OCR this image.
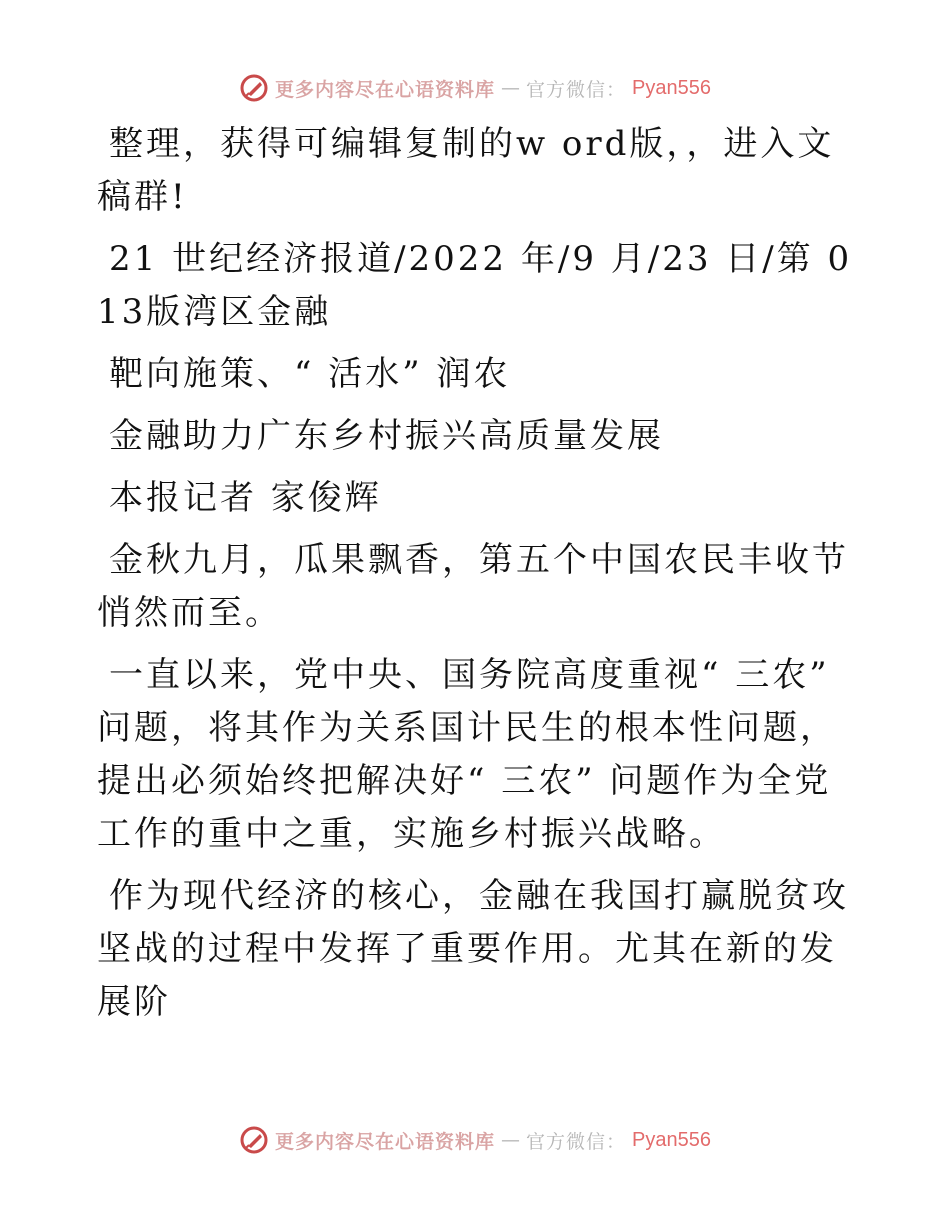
更多内容尽在心语资料库 — 官方微信： Pyan556

整理，获得可编辑复制的w ord版，，进入文稿群!

21 世纪经济报道/2022 年/9 月/23 日/第 013版湾区金融

靶向施策、“ 活水” 润农

金融助力广东乡村振兴高质量发展

本报记者 家俊辉

金秋九月，瓜果飘香，第五个中国农民丰收节悄然而至。

一直以来，党中央、国务院高度重视“ 三农” 问题，将其作为关系国计民生的根本性问题，提出必须始终把解决好“ 三农” 问题作为全党工作的重中之重，实施乡村振兴战略。

作为现代经济的核心，金融在我国打赢脱贫攻坚战的过程中发挥了重要作用。尤其在新的发展阶

更多内容尽在心语资料库 — 官方微信： Pyan556
